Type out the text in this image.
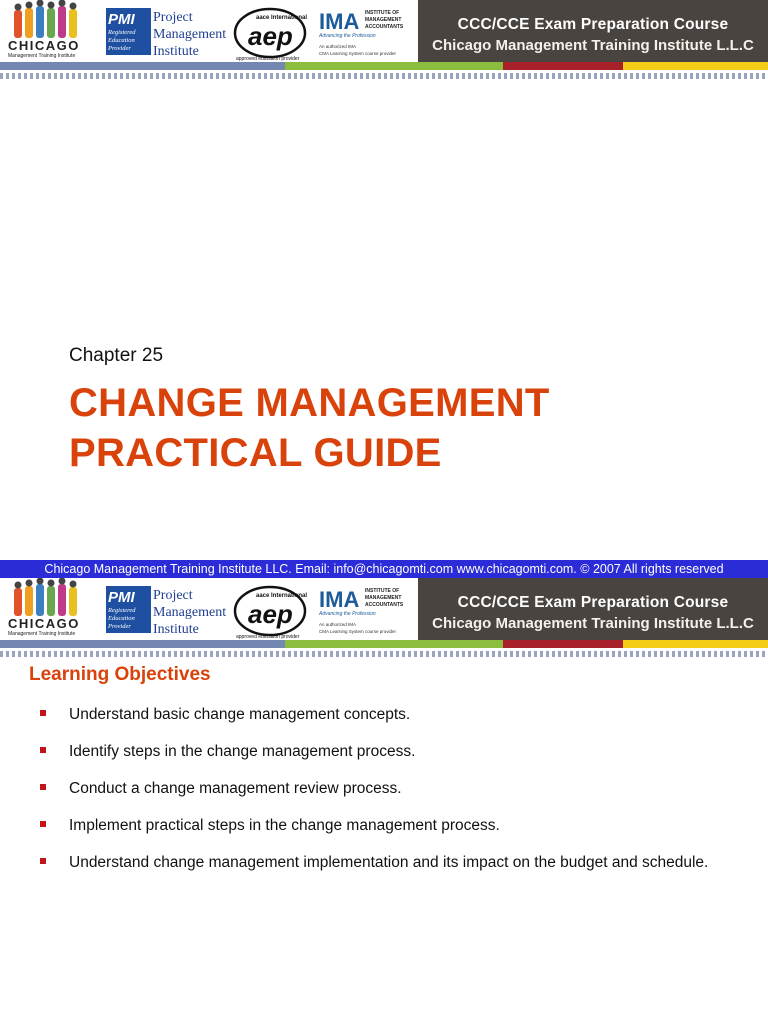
CHICAGO
Management Training Institute
PMI
Registered
Education
Provider
Project
Management
Institute
aace International
aep
approved education provider
IMA INSTITUTE OF
MANAGEMENT
ACCOUNTANTS
Advancing the Profession
An authorized IMA
CMA Learning System course provider
CCC/CCE Exam Preparation Course
Chicago Management Training Institute L.L.C
Chapter 25
CHANGE MANAGEMENT
PRACTICAL GUIDE
Chicago Management Training Institute LLC. Email: info@chicagomti.com www.chicagomti.com. © 2007 All rights reserved
CHICAGO
Management Training Institute
PMI
Registered
Education
Provider
Project
Management
Institute
aace International
aep
approved education provider
IMA INSTITUTE OF
MANAGEMENT
ACCOUNTANTS
Advancing the Profession
An authorized IMA
CMA Learning System course provider
CCC/CCE Exam Preparation Course
Chicago Management Training Institute L.L.C
Learning Objectives
Understand basic change management concepts.
Identify steps in the change management process.
Conduct a change management review process.
Implement practical steps in the change management process.
Understand change management implementation and its impact on the budget and schedule.
